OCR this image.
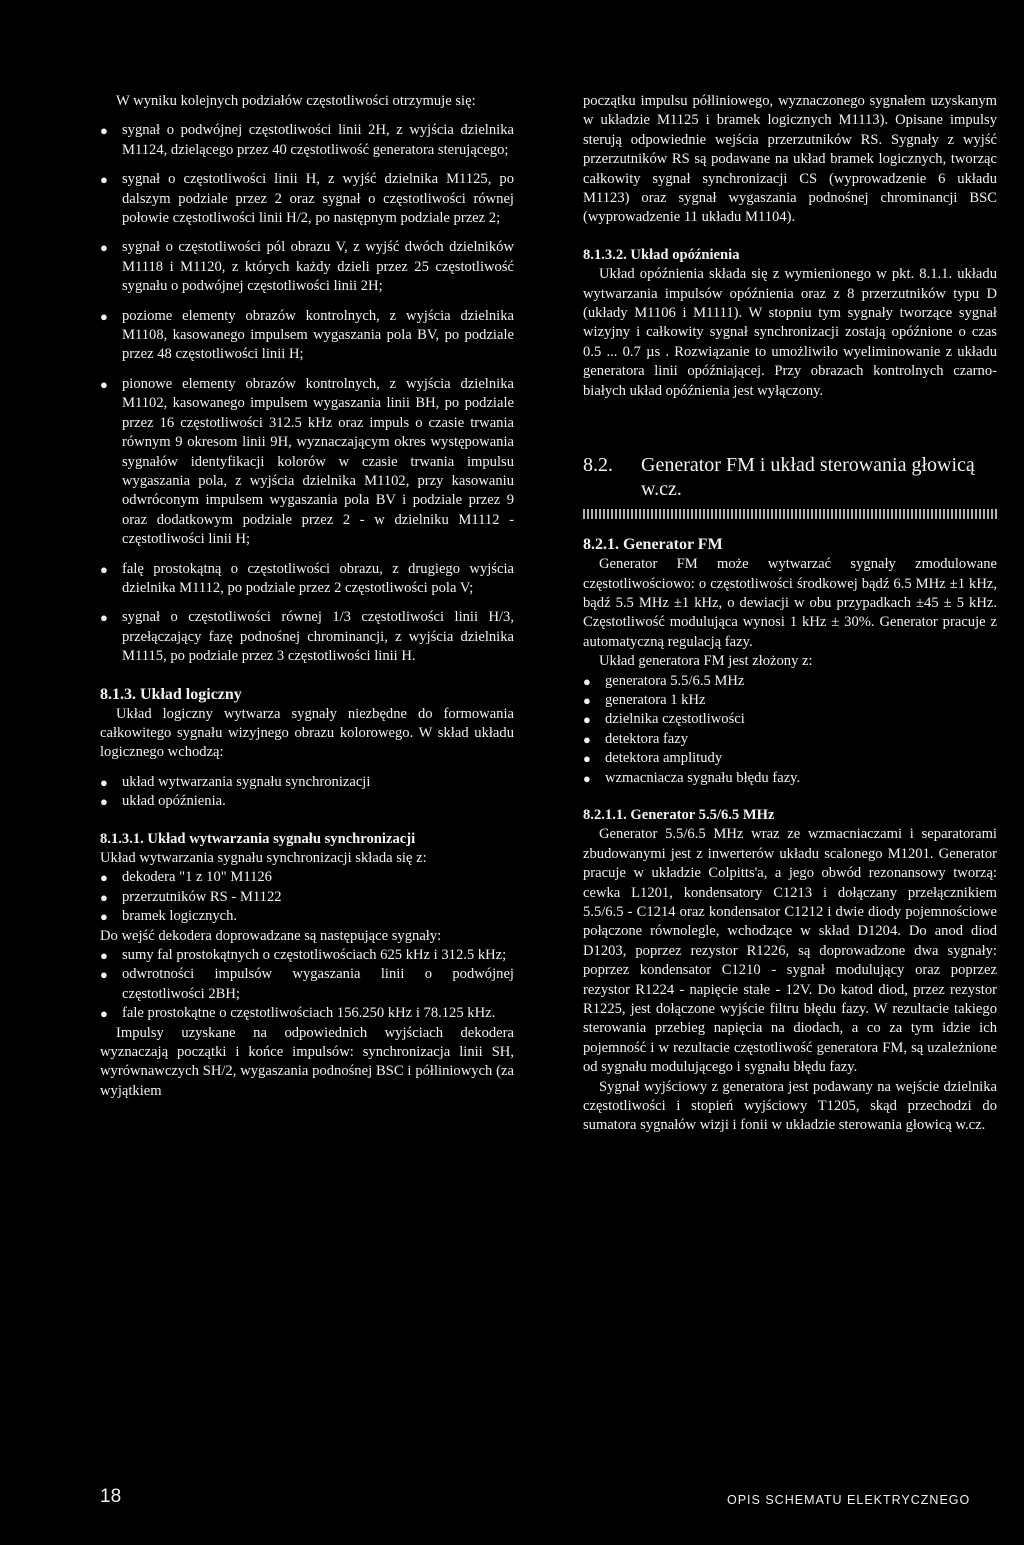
W wyniku kolejnych podziałów częstotliwości otrzymuje się:

● sygnał o podwójnej częstotliwości linii 2H, z wyjścia dzielnika M1124, dzielącego przez 40 częstotliwość generatora sterującego;
● sygnał o częstotliwości linii H, z wyjść dzielnika M1125, po dalszym podziale przez 2 oraz sygnał o częstotliwości równej połowie częstotliwości linii H/2, po następnym podziale przez 2;
● sygnał o częstotliwości pól obrazu V, z wyjść dwóch dzielników M1118 i M1120, z których każdy dzieli przez 25 częstotliwość sygnału o podwójnej częstotliwości linii 2H;
● poziome elementy obrazów kontrolnych, z wyjścia dzielnika M1108, kasowanego impulsem wygaszania pola BV, po podziale przez 48 częstotliwości linii H;
● pionowe elementy obrazów kontrolnych, z wyjścia dzielnika M1102, kasowanego impulsem wygaszania linii BH, po podziale przez 16 częstotliwości 312.5 kHz oraz impuls o czasie trwania równym 9 okresom linii 9H, wyznaczającym okres występowania sygnałów identyfikacji kolorów w czasie trwania impulsu wygaszania pola, z wyjścia dzielnika M1102, przy kasowaniu odwróconym impulsem wygaszania pola BV i podziale przez 9 oraz dodatkowym podziale przez 2 - w dzielniku M1112 - częstotliwości linii H;
● falę prostokątną o częstotliwości obrazu, z drugiego wyjścia dzielnika M1112, po podziale przez 2 częstotliwości pola V;
● sygnał o częstotliwości równej 1/3 częstotliwości linii H/3, przełączający fazę podnośnej chrominancji, z wyjścia dzielnika M1115, po podziale przez 3 częstotliwości linii H.
8.1.3. Układ logiczny

Układ logiczny wytwarza sygnały niezbędne do formowania całkowitego sygnału wizyjnego obrazu kolorowego. W skład układu logicznego wchodzą:

● układ wytwarzania sygnału synchronizacji
● układ opóźnienia.
8.1.3.1. Układ wytwarzania sygnału synchronizacji

Układ wytwarzania sygnału synchronizacji składa się z:

● dekodera "1 z 10" M1126
● przerzutników RS - M1122
● bramek logicznych.

Do wejść dekodera doprowadzane są następujące sygnały:

● sumy fal prostokątnych o częstotliwościach 625 kHz i 312.5 kHz;
● odwrotności impulsów wygaszania linii o podwójnej częstotliwości 2BH;
● fale prostokątne o częstotliwościach 156.250 kHz i 78.125 kHz.

Impulsy uzyskane na odpowiednich wyjściach dekodera wyznaczają początki i końce impulsów: synchronizacja linii SH, wyrównawczych SH/2, wygaszania podnośnej BSC i półliniowych (za wyjątkiem

początku impulsu półliniowego, wyznaczonego sygnałem uzyskanym w układzie M1125 i bramek logicznych M1113). Opisane impulsy sterują odpowiednie wejścia przerzutników RS. Sygnały z wyjść przerzutników RS są podawane na układ bramek logicznych, tworząc całkowity sygnał synchronizacji CS (wyprowadzenie 6 układu M1123) oraz sygnał wygaszania podnośnej chrominancji BSC (wyprowadzenie 11 układu M1104).

8.1.3.2. Układ opóźnienia

Układ opóźnienia składa się z wymienionego w pkt. 8.1.1. układu wytwarzania impulsów opóźnienia oraz z 8 przerzutników typu D (układy M1106 i M1111). W stopniu tym sygnały tworzące sygnał wizyjny i całkowity sygnał synchronizacji zostają opóźnione o czas 0.5 ... 0.7 µs . Rozwiązanie to umożliwiło wyeliminowanie z układu generatora linii opóźniającej. Przy obrazach kontrolnych czarno-białych układ opóźnienia jest wyłączony.

8.2.	Generator FM i układ sterowania głowicą w.cz.
8.2.1. Generator FM

Generator FM może wytwarzać sygnały zmodulowane częstotliwościowo: o częstotliwości środkowej bądź 6.5 MHz ±1 kHz, bądź 5.5 MHz ±1 kHz, o dewiacji w obu przypadkach ±45 ± 5 kHz. Częstotliwość modulująca wynosi 1 kHz ± 30%. Generator pracuje z automatyczną regulacją fazy.

Układ generatora FM jest złożony z:

● generatora 5.5/6.5 MHz
● generatora 1 kHz
● dzielnika częstotliwości
● detektora fazy
● detektora amplitudy
● wzmacniacza sygnału błędu fazy.
8.2.1.1. Generator 5.5/6.5 MHz

Generator 5.5/6.5 MHz wraz ze wzmacniaczami i separatorami zbudowanymi jest z inwerterów układu scalonego M1201. Generator pracuje w układzie Colpitts'a, a jego obwód rezonansowy tworzą: cewka L1201, kondensatory C1213 i dołączany przełącznikiem 5.5/6.5 - C1214 oraz kondensator C1212 i dwie diody pojemnościowe połączone równolegle, wchodzące w skład D1204. Do anod diod D1203, poprzez rezystor R1226, są doprowadzone dwa sygnały: poprzez kondensator C1210 - sygnał modulujący oraz poprzez rezystor R1224 - napięcie stałe - 12V. Do katod diod, przez rezystor R1225, jest dołączone wyjście filtru błędu fazy. W rezultacie takiego sterowania przebieg napięcia na diodach, a co za tym idzie ich pojemność i w rezultacie częstotliwość generatora FM, są uzależnione od sygnału modulującego i sygnału błędu fazy.

Sygnał wyjściowy z generatora jest podawany na wejście dzielnika częstotliwości i stopień wyjściowy T1205, skąd przechodzi do sumatora sygnałów wizji i fonii w układzie sterowania głowicą w.cz.

18	OPIS SCHEMATU ELEKTRYCZNEGO
